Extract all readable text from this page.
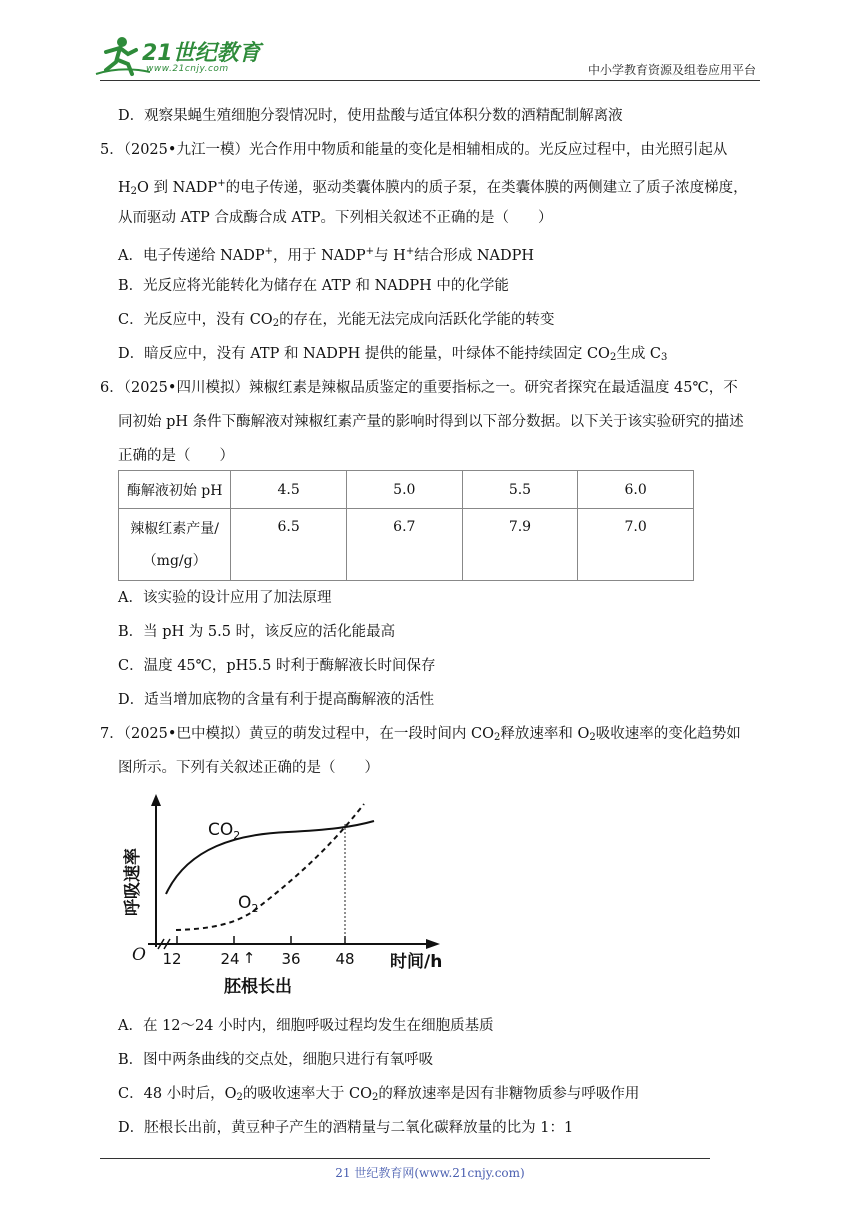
21世纪教育
www.21cnjy.com	中小学教育资源及组卷应用平台
D．观察果蝇生殖细胞分裂情况时，使用盐酸与适宜体积分数的酒精配制解离液
5．（2025•九江一模）光合作用中物质和能量的变化是相辅相成的。光反应过程中，由光照引起从
$H_2O$ 到 NADP+的电子传递，驱动类囊体膜内的质子泵，在类囊体膜的两侧建立了质子浓度梯度，
从而驱动 ATP 合成酶合成 ATP。下列相关叙述不正确的是（　　）
A．电子传递给 NADP+，用于 NADP+与 H+结合形成 NADPH
B．光反应将光能转化为储存在 ATP 和 NADPH 中的化学能
C．光反应中，没有 $CO_2$的存在，光能无法完成向活跃化学能的转变
D．暗反应中，没有 ATP 和 NADPH 提供的能量，叶绿体不能持续固定 $CO_2$生成 $C_3$
6．（2025•四川模拟）辣椒红素是辣椒品质鉴定的重要指标之一。研究者探究在最适温度 45℃，不
同初始 pH 条件下酶解液对辣椒红素产量的影响时得到以下部分数据。以下关于该实验研究的描述
正确的是（　　）
酶解液初始 pH	4.5	5.0	5.5	6.0

辣椒红素产量/
（mg/g）	6.5	6.7	7.9	7.0
A．该实验的设计应用了加法原理
B．当 pH 为 5.5 时，该反应的活化能最高
C．温度 45℃，pH5.5 时利于酶解液长时间保存
D．适当增加底物的含量有利于提高酶解液的活性
7．（2025•巴中模拟）黄豆的萌发过程中，在一段时间内 $CO_2$释放速率和 $O_2$吸收速率的变化趋势如
图所示。下列有关叙述正确的是（　　）
$CO_2$
$O_2$
呼吸速率
O 12	24 ↑ 36 48 时间/h
胚根长出
A．在 12～24 小时内，细胞呼吸过程均发生在细胞质基质
B．图中两条曲线的交点处，细胞只进行有氧呼吸
C．48 小时后，$O_2$的吸收速率大于 $CO_2$的释放速率是因有非糖物质参与呼吸作用
D．胚根长出前，黄豆种子产生的酒精量与二氧化碳释放量的比为 1：1
21 世纪教育网(www.21cnjy.com)
